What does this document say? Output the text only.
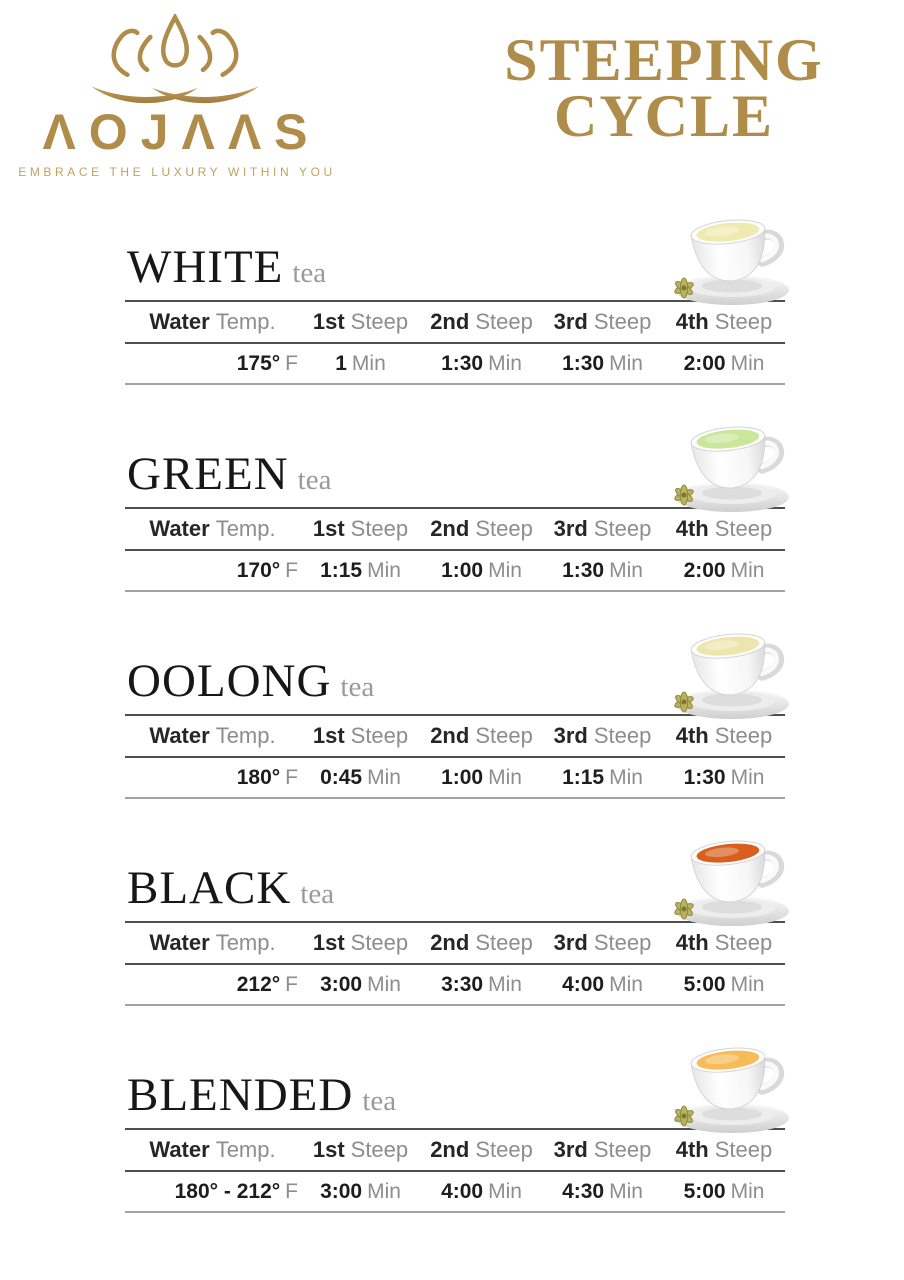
ΛOJΛΛS
EMBRACE THE LUXURY WITHIN YOU
STEEPING
CYCLE
WHITE tea
Water Temp.	1st Steep	2nd Steep 3rd Steep	4th Steep
175° F	1 Min	1:30 Min	1:30 Min	2:00 Min
GREEN tea
Water Temp.	1st Steep	2nd Steep 3rd Steep	4th Steep
170° F	1:15 Min	1:00 Min	1:30 Min	2:00 Min
OOLONG tea
Water Temp.	1st Steep	2nd Steep 3rd Steep	4th Steep
180° F	0:45 Min	1:00 Min	1:15 Min	1:30 Min
BLACK tea
Water Temp.	1st Steep	2nd Steep 3rd Steep	4th Steep
212° F	3:00 Min	3:30 Min	4:00 Min	5:00 Min
BLENDED tea
Water Temp.	1st Steep	2nd Steep 3rd Steep	4th Steep
180° - 212° F	3:00 Min	4:00 Min	4:30 Min	5:00 Min
